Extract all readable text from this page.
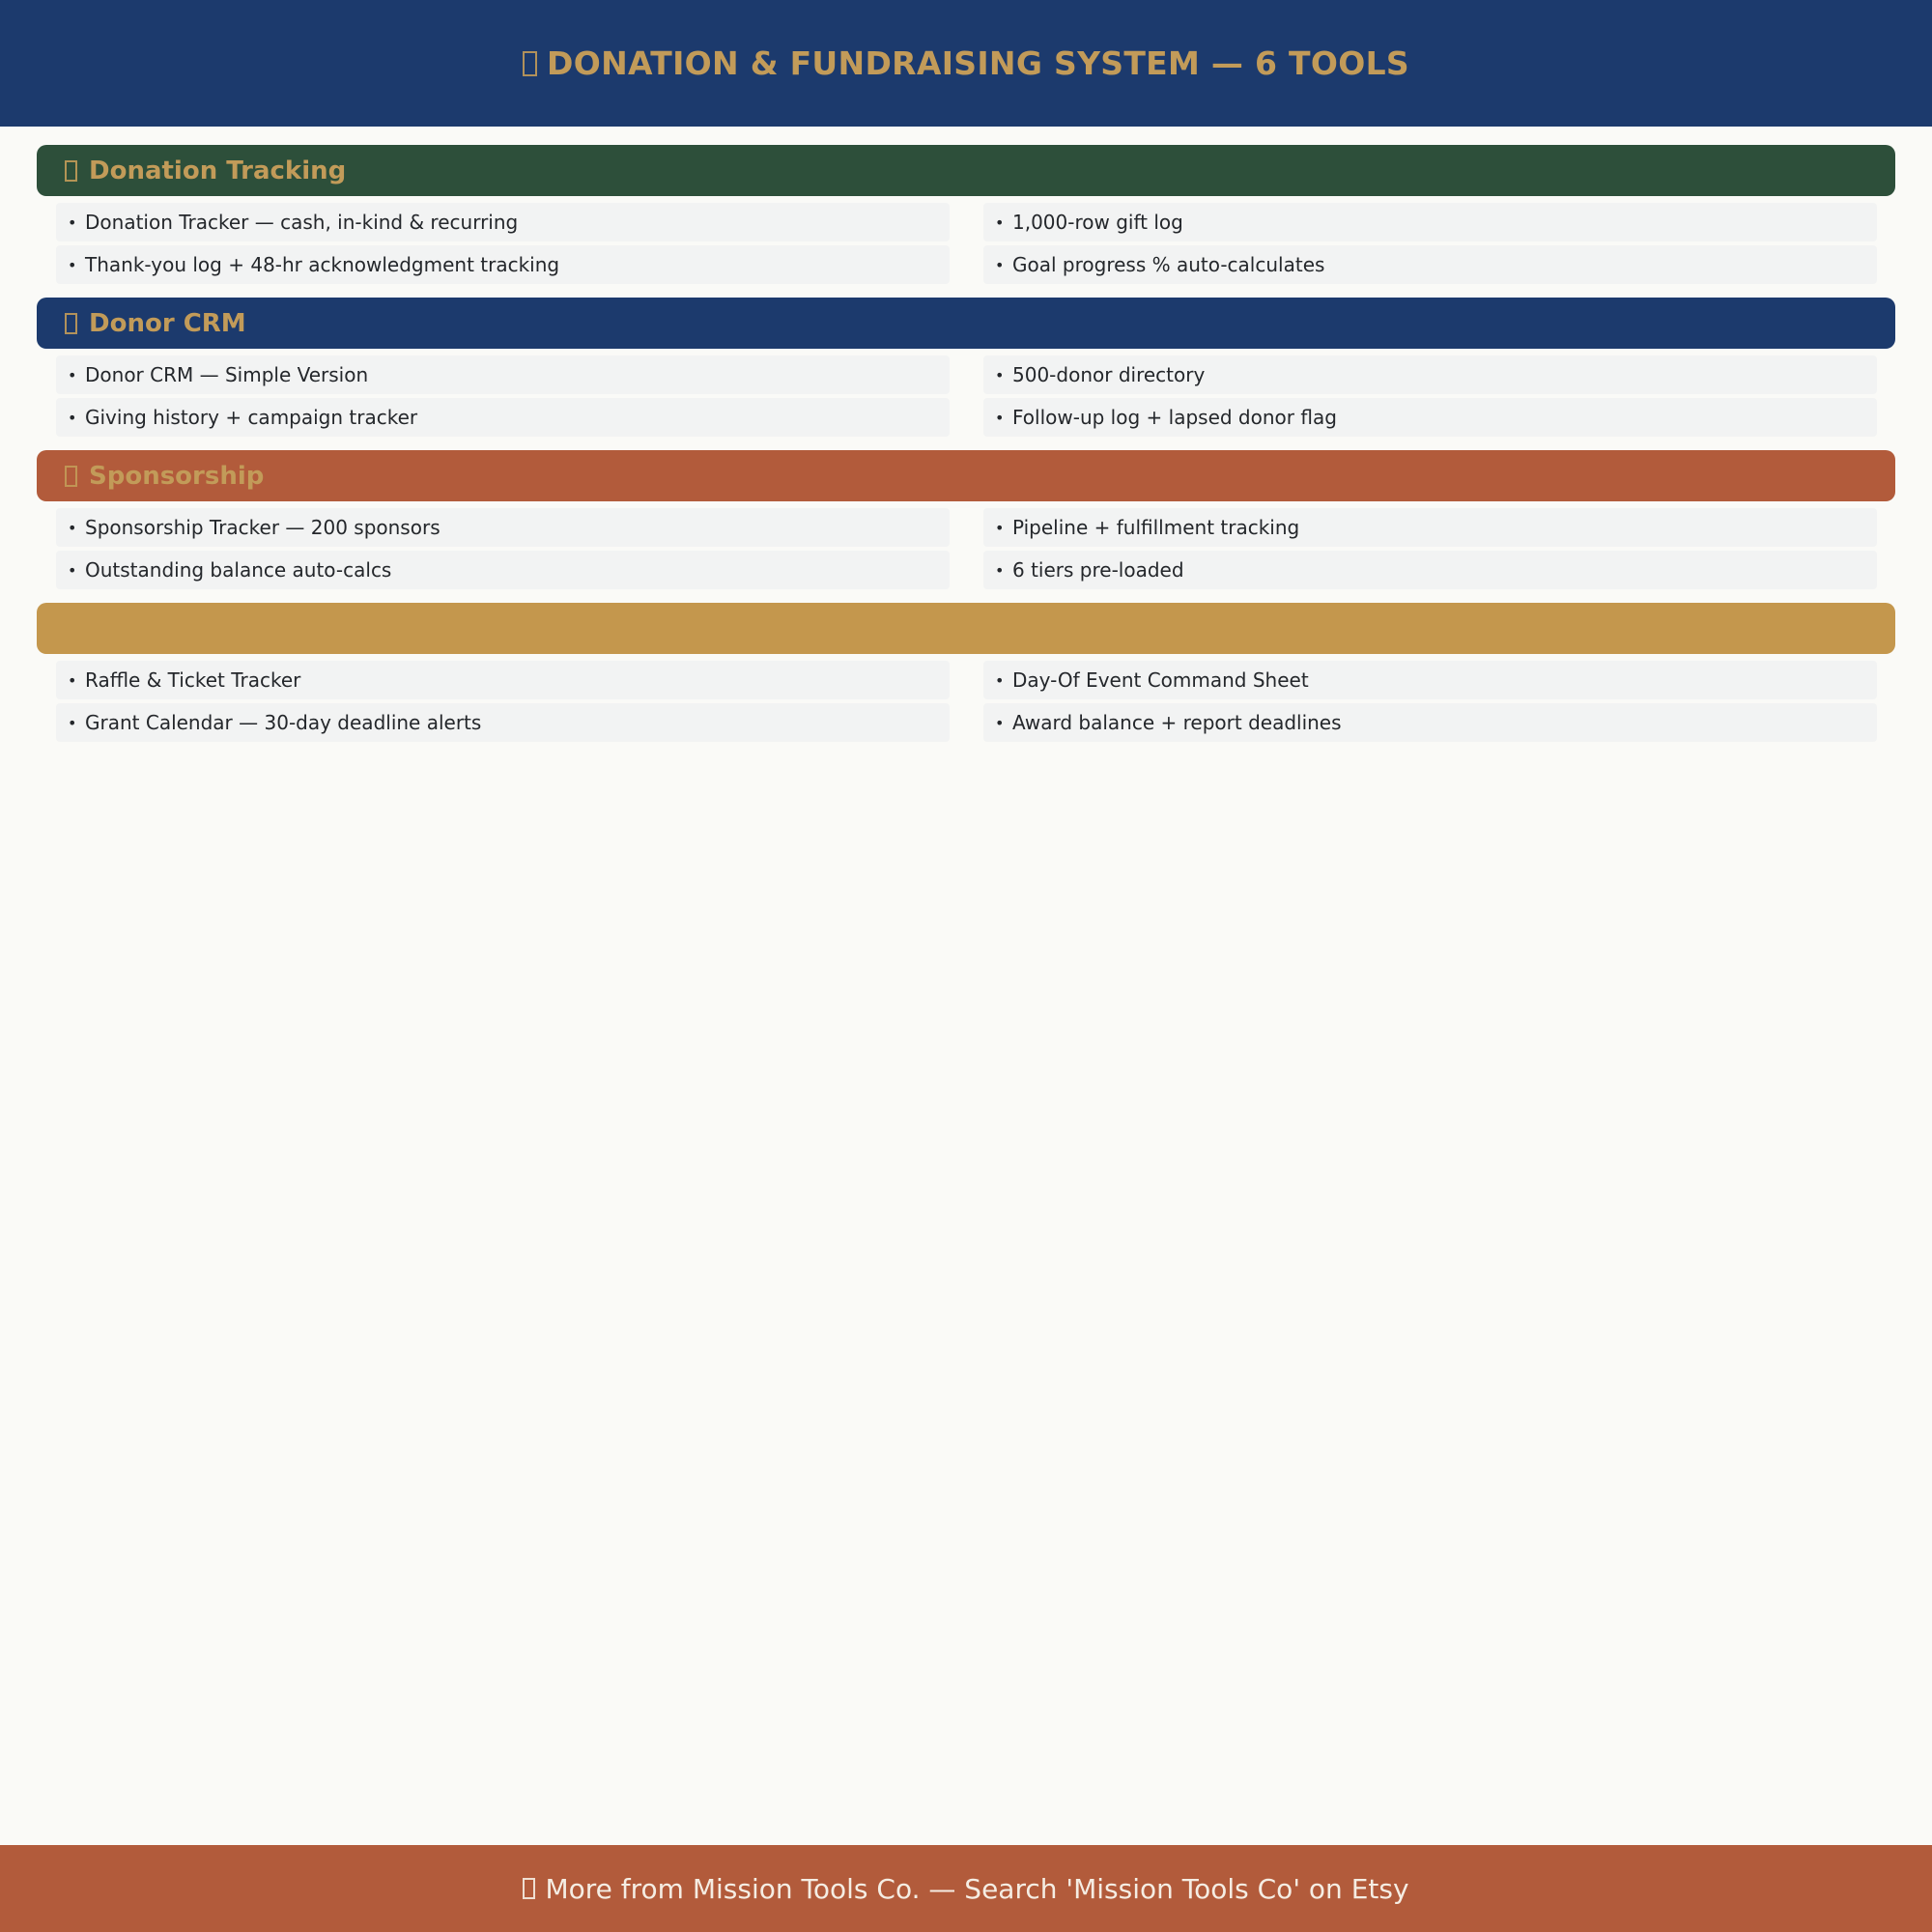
DONATION & FUNDRAISING SYSTEM — 6 TOOLS
Donation Tracking
• Donation Tracker — cash, in-kind & recurring	• 1,000-row gift log
• Thank-you log + 48-hr acknowledgment tracking	• Goal progress % auto-calculates
Donor CRM
• Donor CRM — Simple Version	• 500-donor directory
• Giving history + campaign tracker	• Follow-up log + lapsed donor flag
Sponsorship
• Sponsorship Tracker — 200 sponsors	• Pipeline + fulfillment tracking
• Outstanding balance auto-calcs	• 6 tiers pre-loaded
• Raffle & Ticket Tracker	• Day-Of Event Command Sheet
• Grant Calendar — 30-day deadline alerts	• Award balance + report deadlines
More from Mission Tools Co. — Search 'Mission Tools Co' on Etsy
